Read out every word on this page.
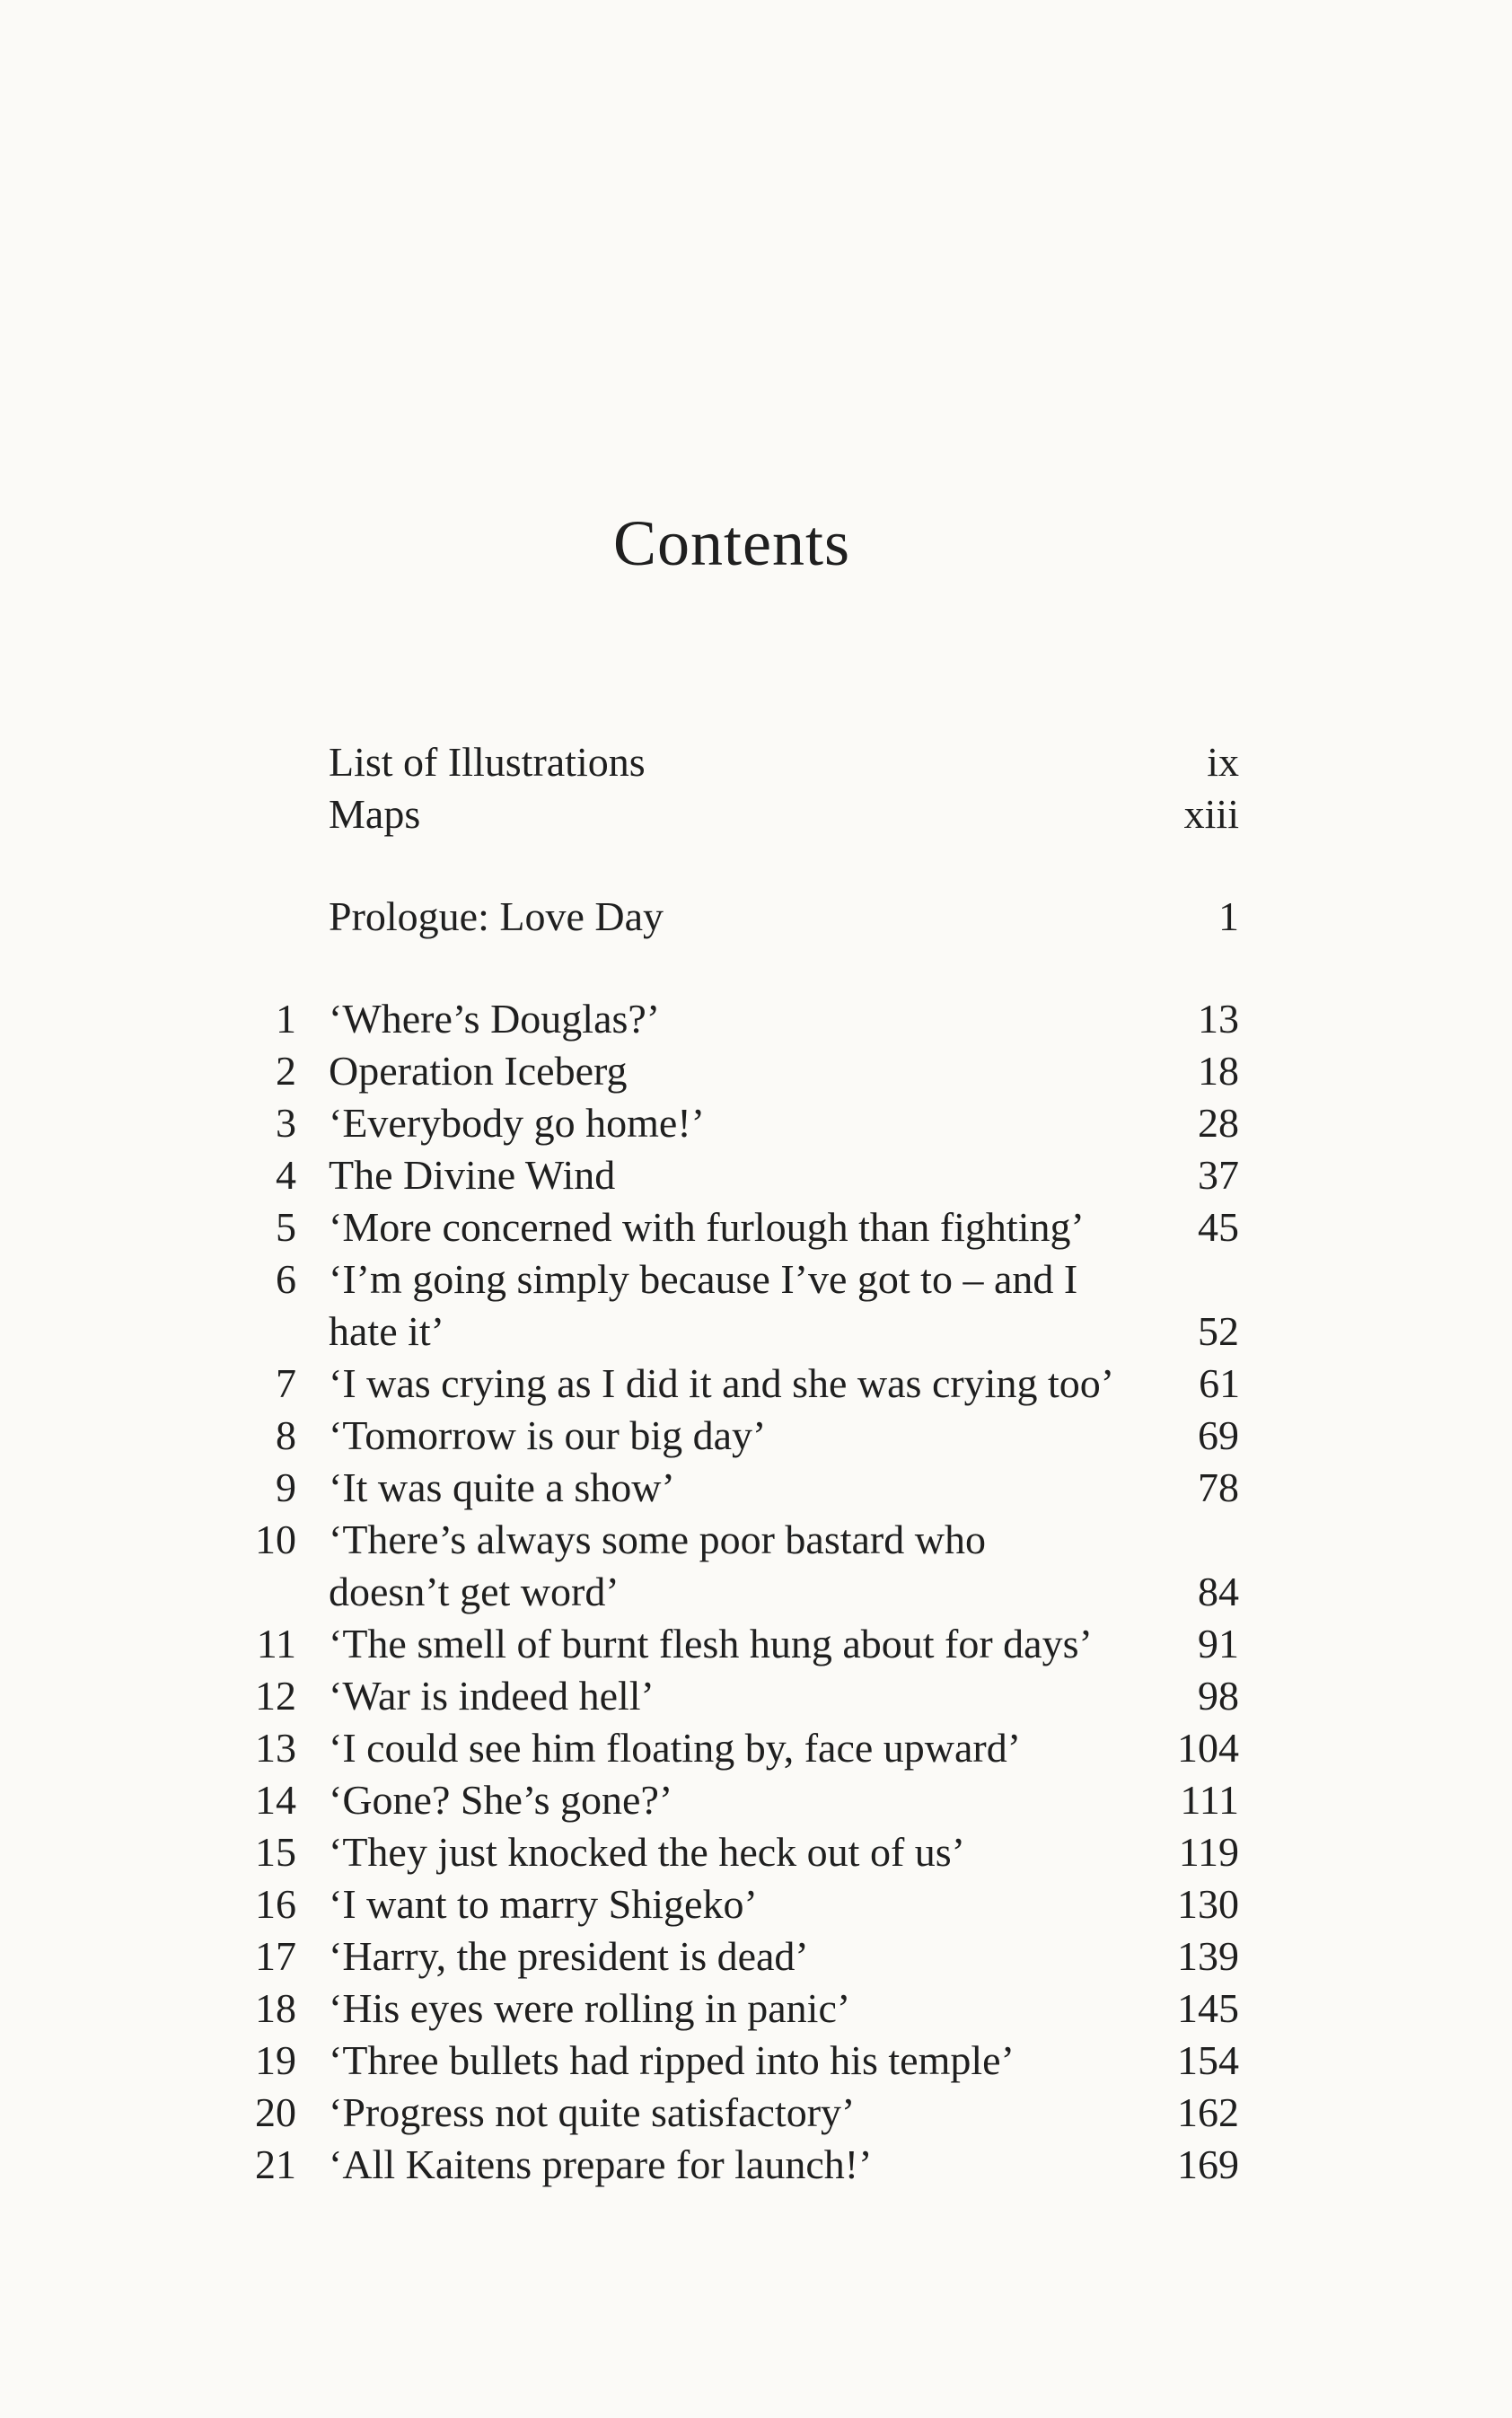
Contents
List of Illustrations	ix
Maps	xiii
Prologue: Love Day	1
1 ‘Where’s Douglas?’	13
2 Operation Iceberg	18
3 ‘Everybody go home!’	28
4 The Divine Wind	37
5 ‘More concerned with furlough than fighting’	45
6 ‘I’m going simply because I’ve got to – and I
hate it’	52
7 ‘I was crying as I did it and she was crying too’	61
8 ‘Tomorrow is our big day’	69
9 ‘It was quite a show’	78
10 ‘There’s always some poor bastard who
doesn’t get word’	84
11 ‘The smell of burnt flesh hung about for days’	91
12 ‘War is indeed hell’	98
13 ‘I could see him floating by, face upward’	104
14 ‘Gone? She’s gone?’	111
15 ‘They just knocked the heck out of us’	119
16 ‘I want to marry Shigeko’	130
17 ‘Harry, the president is dead’	139
18 ‘His eyes were rolling in panic’	145
19 ‘Three bullets had ripped into his temple’	154
20 ‘Progress not quite satisfactory’	162
21 ‘All Kaitens prepare for launch!’	169
